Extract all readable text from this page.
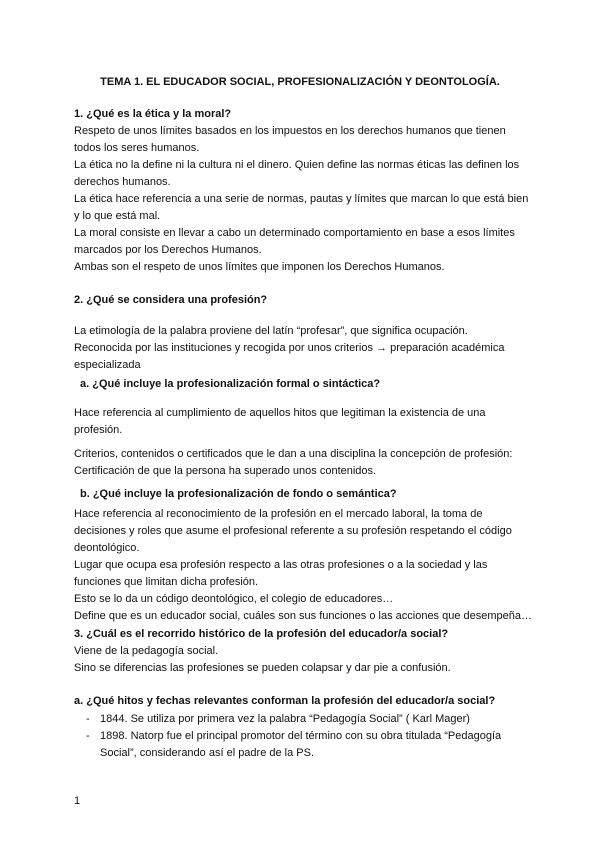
TEMA 1. EL EDUCADOR SOCIAL, PROFESIONALIZACIÓN Y DEONTOLOGÍA.

1. ¿Qué es la ética y la moral?

Respeto de unos límites basados en los impuestos en los derechos humanos que tienen

todos los seres humanos.

La ética no la define ni la cultura ni el dinero. Quien define las normas éticas las definen los

derechos humanos.

La ética hace referencia a una serie de normas, pautas y límites que marcan lo que está bien

y lo que está mal.

La moral consiste en llevar a cabo un determinado comportamiento en base a esos límites

marcados por los Derechos Humanos.

Ambas son el respeto de unos límites que imponen los Derechos Humanos.

2. ¿Qué se considera una profesión?

La etimología de la palabra proviene del latín “profesar”, que significa ocupación.

Reconocida por las instituciones y recogida por unos criterios → preparación académica

especializada

a. ¿Qué incluye la profesionalización formal o sintáctica?

Hace referencia al cumplimiento de aquellos hitos que legitiman la existencia de una

profesión.

Criterios, contenidos o certificados que le dan a una disciplina la concepción de profesión:

Certificación de que la persona ha superado unos contenidos.

b. ¿Qué incluye la profesionalización de fondo o semántica?

Hace referencia al reconocimiento de la profesión en el mercado laboral, la toma de

decisiones y roles que asume el profesional referente a su profesión respetando el código

deontológico.

Lugar que ocupa esa profesión respecto a las otras profesiones o a la sociedad y las

funciones que limitan dicha profesión.

Esto se lo da un código deontológico, el colegio de educadores…

Define que es un educador social, cuáles son sus funciones o las acciones que desempeña…

3. ¿Cuál es el recorrido histórico de la profesión del educador/a social?

Viene de la pedagogía social.

Sino se diferencias las profesiones se pueden colapsar y dar pie a confusión.

a. ¿Qué hitos y fechas relevantes conforman la profesión del educador/a social?

- 1844. Se utiliza por primera vez la palabra “Pedagogía Social” ( Karl Mager)
- 1898. Natorp fue el principal promotor del término con su obra titulada “Pedagogía Social”, considerando así el padre de la PS.
1
